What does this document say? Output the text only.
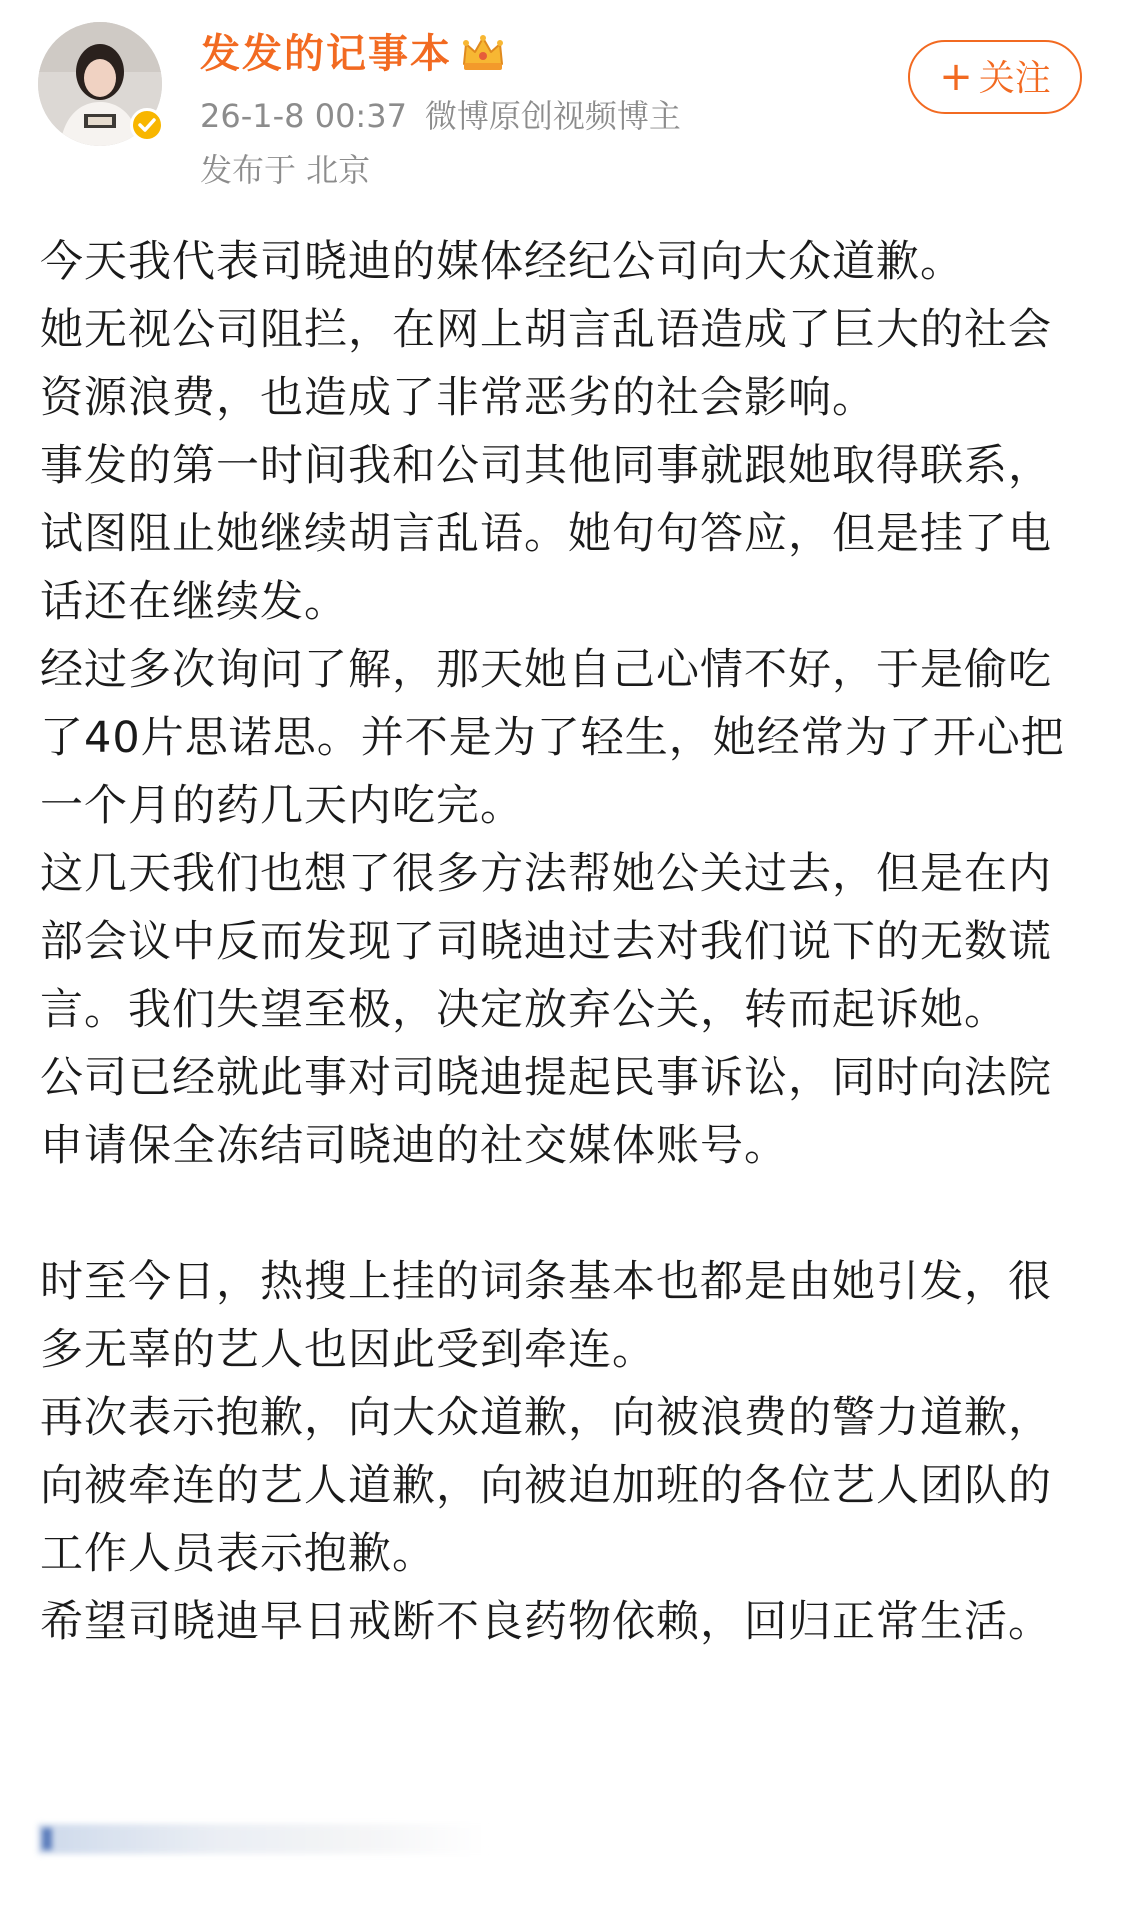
发发的记事本
26-1-8 00:37 微博原创视频博主
发布于 北京
+ 关注

今天我代表司晓迪的媒体经纪公司向大众道歉。
她无视公司阻拦，在网上胡言乱语造成了巨大的社会资源浪费，也造成了非常恶劣的社会影响。
事发的第一时间我和公司其他同事就跟她取得联系，试图阻止她继续胡言乱语。她句句答应，但是挂了电话还在继续发。
经过多次询问了解，那天她自己心情不好，于是偷吃了40片思诺思。并不是为了轻生，她经常为了开心把一个月的药几天内吃完。
这几天我们也想了很多方法帮她公关过去，但是在内部会议中反而发现了司晓迪过去对我们说下的无数谎言。我们失望至极，决定放弃公关，转而起诉她。
公司已经就此事对司晓迪提起民事诉讼，同时向法院申请保全冻结司晓迪的社交媒体账号。

时至今日，热搜上挂的词条基本也都是由她引发，很多无辜的艺人也因此受到牵连。
再次表示抱歉，向大众道歉，向被浪费的警力道歉，向被牵连的艺人道歉，向被迫加班的各位艺人团队的工作人员表示抱歉。
希望司晓迪早日戒断不良药物依赖，回归正常生活。
